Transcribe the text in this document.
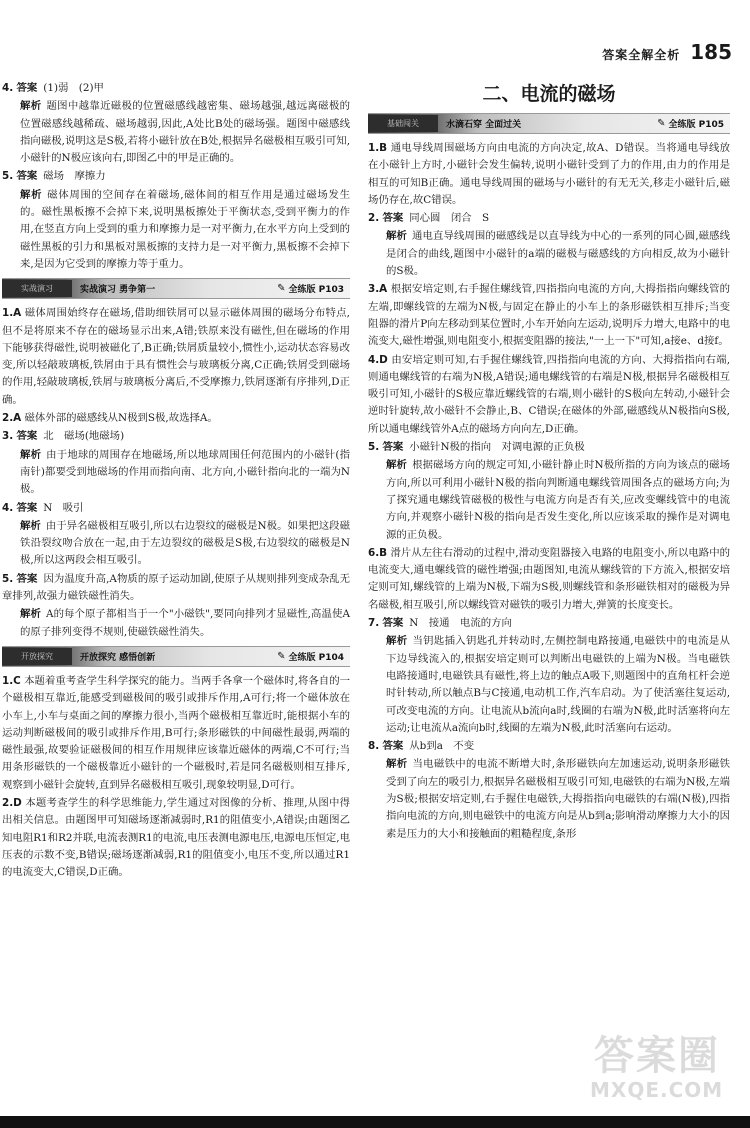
答案全解全析 185

4. 答案 (1)弱　(2)甲

解析 题图中越靠近磁极的位置磁感线越密集、磁场越强,越远离磁极的位置磁感线越稀疏、磁场越弱,因此,A处比B处的磁场强。题图中磁感线指向磁极,说明这是S极,若将小磁针放在B处,根据异名磁极相互吸引可知,小磁针的N极应该向右,即图乙中的甲是正确的。

5. 答案 磁场　摩擦力

解析 磁体周围的空间存在着磁场,磁体间的相互作用是通过磁场发生的。磁性黑板擦不会掉下来,说明黑板擦处于平衡状态,受到平衡力的作用,在竖直方向上受到的重力和摩擦力是一对平衡力,在水平方向上受到的磁性黑板的引力和黑板对黑板擦的支持力是一对平衡力,黑板擦不会掉下来,是因为它受到的摩擦力等于重力。

实战演习	实战演习 勇争第一	✎ 全练版 P103

1.A 磁体周围始终存在磁场,借助细铁屑可以显示磁体周围的磁场分布特点,但不是将原来不存在的磁场显示出来,A错;铁原来没有磁性,但在磁场的作用下能够获得磁性,说明被磁化了,B正确;铁屑质量较小,惯性小,运动状态容易改变,所以轻敲玻璃板,铁屑由于具有惯性会与玻璃板分离,C正确;铁屑受到磁场的作用,轻敲玻璃板,铁屑与玻璃板分离后,不受摩擦力,铁屑逐渐有序排列,D正确。

2.A 磁体外部的磁感线从N极到S极,故选择A。

3. 答案 北　磁场(地磁场)

解析 由于地球的周围存在地磁场,所以地球周围任何范围内的小磁针(指南针)都要受到地磁场的作用而指向南、北方向,小磁针指向北的一端为N极。

4. 答案 N　吸引

解析 由于异名磁极相互吸引,所以右边裂纹的磁极是N极。如果把这段磁铁沿裂纹吻合放在一起,由于左边裂纹的磁极是S极,右边裂纹的磁极是N极,所以这两段会相互吸引。

5. 答案 因为温度升高,A物质的原子运动加剧,使原子从规则排列变成杂乱无章排列,故强力磁铁磁性消失。

解析 A的每个原子都相当于一个"小磁铁",要同向排列才显磁性,高温使A的原子排列变得不规则,使磁铁磁性消失。

开放探究	开放探究 感悟创新	✎ 全练版 P104

1.C 本题着重考查学生科学探究的能力。当两手各拿一个磁体时,将各自的一个磁极相互靠近,能感受到磁极间的吸引或排斥作用,A可行;将一个磁体放在小车上,小车与桌面之间的摩擦力很小,当两个磁极相互靠近时,能根据小车的运动判断磁极间的吸引或排斥作用,B可行;条形磁铁的中间磁性最弱,两端的磁性最强,故要验证磁极间的相互作用规律应该靠近磁体的两端,C不可行;当用条形磁铁的一个磁极靠近小磁针的一个磁极时,若是同名磁极则相互排斥,观察到小磁针会旋转,直到异名磁极相互吸引,现象较明显,D可行。

2.D 本题考查学生的科学思维能力,学生通过对图像的分析、推理,从图中得出相关信息。由题图甲可知磁场逐渐减弱时,R1的阻值变小,A错误;由题图乙知电阻R1和R2并联,电流表测R1的电流,电压表测电源电压,电源电压恒定,电压表的示数不变,B错误;磁场逐渐减弱,R1的阻值变小,电压不变,所以通过R1的电流变大,C错误,D正确。

二、电流的磁场
基础闯关	水滴石穿 全面过关	✎ 全练版 P105

1.B 通电导线周围磁场方向由电流的方向决定,故A、D错误。当将通电导线放在小磁针上方时,小磁针会发生偏转,说明小磁针受到了力的作用,由力的作用是相互的可知B正确。通电导线周围的磁场与小磁针的有无无关,移走小磁针后,磁场仍存在,故C错误。

2. 答案 同心圆　闭合　S

解析 通电直导线周围的磁感线是以直导线为中心的一系列的同心圆,磁感线是闭合的曲线,题图中小磁针的a端的磁极与磁感线的方向相反,故为小磁针的S极。

3.A 根据安培定则,右手握住螺线管,四指指向电流的方向,大拇指指向螺线管的左端,即螺线管的左端为N极,与固定在静止的小车上的条形磁铁相互排斥;当变阻器的滑片P向左移动到某位置时,小车开始向左运动,说明斥力增大,电路中的电流变大,磁性增强,则电阻变小,根据变阻器的接法,"一上一下"可知,a接e、d接f。

4.D 由安培定则可知,右手握住螺线管,四指指向电流的方向、大拇指指向右端,则通电螺线管的右端为N极,A错误;通电螺线管的右端是N极,根据异名磁极相互吸引可知,小磁针的S极应靠近螺线管的右端,则小磁针的S极向左转动,小磁针会逆时针旋转,故小磁针不会静止,B、C错误;在磁体的外部,磁感线从N极指向S极,所以通电螺线管外A点的磁场方向向左,D正确。

5. 答案 小磁针N极的指向　对调电源的正负极

解析 根据磁场方向的规定可知,小磁针静止时N极所指的方向为该点的磁场方向,所以可利用小磁针N极的指向判断通电螺线管周围各点的磁场方向;为了探究通电螺线管磁极的极性与电流方向是否有关,应改变螺线管中的电流方向,并观察小磁针N极的指向是否发生变化,所以应该采取的操作是对调电源的正负极。

6.B 滑片从左往右滑动的过程中,滑动变阻器接入电路的电阻变小,所以电路中的电流变大,通电螺线管的磁性增强;由题图知,电流从螺线管的下方流入,根据安培定则可知,螺线管的上端为N极,下端为S极,则螺线管和条形磁铁相对的磁极为异名磁极,相互吸引,所以螺线管对磁铁的吸引力增大,弹簧的长度变长。

7. 答案 N　接通　电流的方向

解析 当钥匙插入钥匙孔并转动时,左侧控制电路接通,电磁铁中的电流是从下边导线流入的,根据安培定则可以判断出电磁铁的上端为N极。当电磁铁电路接通时,电磁铁具有磁性,将上边的触点A吸下,则题图中的直角杠杆会逆时针转动,所以触点B与C接通,电动机工作,汽车启动。为了使活塞往复运动,可改变电流的方向。让电流从b流向a时,线圈的右端为N极,此时活塞将向左运动;让电流从a流向b时,线圈的左端为N极,此时活塞向右运动。

8. 答案 从b到a　不变

解析 当电磁铁中的电流不断增大时,条形磁铁向左加速运动,说明条形磁铁受到了向左的吸引力,根据异名磁极相互吸引可知,电磁铁的右端为N极,左端为S极;根据安培定则,右手握住电磁铁,大拇指指向电磁铁的右端(N极),四指指向电流的方向,则电磁铁中的电流方向是从b到a;影响滑动摩擦力大小的因素是压力的大小和接触面的粗糙程度,条形

答案圈
MXQE.COM
